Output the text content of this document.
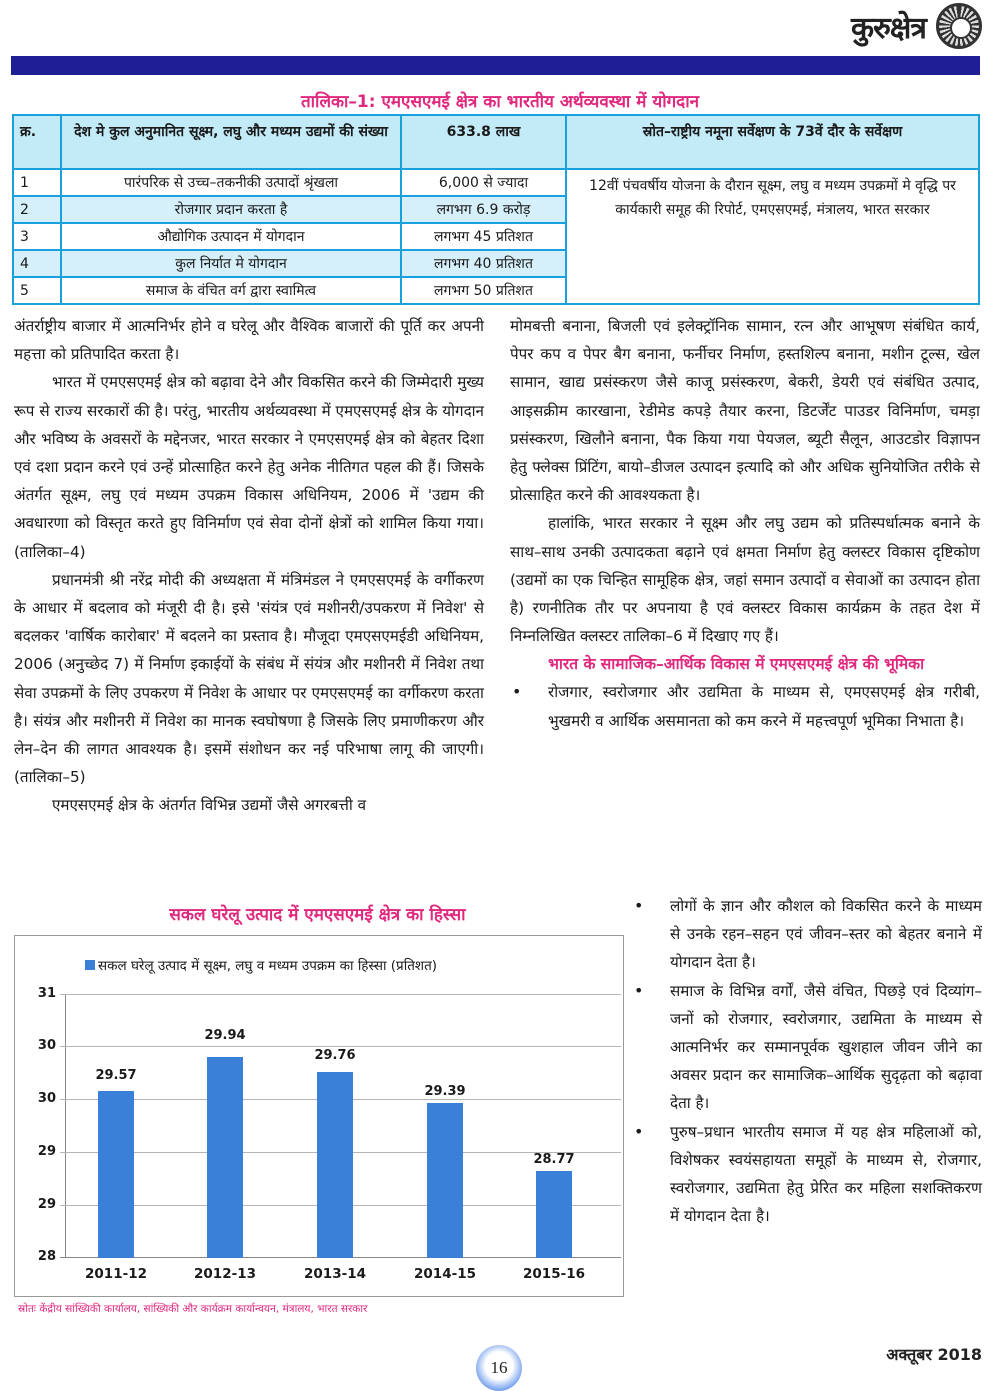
कुरुक्षेत्र
तालिका–1: एमएसएमई क्षेत्र का भारतीय अर्थव्यवस्था में योगदान
क्र.	देश मे कुल अनुमानित सूक्ष्म, लघु और मध्यम उद्यमों की संख्या	633.8 लाख	स्रोत–राष्ट्रीय नमूना सर्वेक्षण के 73वें दौर के सर्वेक्षण
1	पारंपरिक से उच्च–तकनीकी उत्पादों श्रृंखला	6,000 से ज्यादा	12वीं पंचवर्षीय योजना के दौरान सूक्ष्म, लघु व मध्यम उपक्रमों मे वृद्धि पर कार्यकारी समूह की रिपोर्ट, एमएसएमई, मंत्रालय, भारत सरकार
2	रोजगार प्रदान करता है	लगभग 6.9 करोड़	
3	औद्योगिक उत्पादन में योगदान	लगभग 45 प्रतिशत	
4	कुल निर्यात मे योगदान	लगभग 40 प्रतिशत	
5	समाज के वंचित वर्ग द्वारा स्वामित्व	लगभग 50 प्रतिशत	

अंतर्राष्ट्रीय बाजार में आत्मनिर्भर होने व घरेलू और वैश्विक बाजारों की पूर्ति कर अपनी महत्ता को प्रतिपादित करता है।

भारत में एमएसएमई क्षेत्र को बढ़ावा देने और विकसित करने की जिम्मेदारी मुख्य रूप से राज्य सरकारों की है। परंतु, भारतीय अर्थव्यवस्था में एमएसएमई क्षेत्र के योगदान और भविष्य के अवसरों के मद्देनजर, भारत सरकार ने एमएसएमई क्षेत्र को बेहतर दिशा एवं दशा प्रदान करने एवं उन्हें प्रोत्साहित करने हेतु अनेक नीतिगत पहल की हैं। जिसके अंतर्गत सूक्ष्म, लघु एवं मध्यम उपक्रम विकास अधिनियम, 2006 में 'उद्यम की अवधारणा को विस्तृत करते हुए विनिर्माण एवं सेवा दोनों क्षेत्रों को शामिल किया गया। (तालिका–4)

प्रधानमंत्री श्री नरेंद्र मोदी की अध्यक्षता में मंत्रिमंडल ने एमएसएमई के वर्गीकरण के आधार में बदलाव को मंजूरी दी है। इसे 'संयंत्र एवं मशीनरी/उपकरण में निवेश' से बदलकर 'वार्षिक कारोबार' में बदलने का प्रस्ताव है। मौजूदा एमएसएमईडी अधिनियम, 2006 (अनुच्छेद 7) में निर्माण इकाईयों के संबंध में संयंत्र और मशीनरी में निवेश तथा सेवा उपक्रमों के लिए उपकरण में निवेश के आधार पर एमएसएमई का वर्गीकरण करता है। संयंत्र और मशीनरी में निवेश का मानक स्वघोषणा है जिसके लिए प्रमाणीकरण और लेन–देन की लागत आवश्यक है। इसमें संशोधन कर नई परिभाषा लागू की जाएगी। (तालिका–5)

एमएसएमई क्षेत्र के अंतर्गत विभिन्न उद्यमों जैसे अगरबत्ती व

मोमबत्ती बनाना, बिजली एवं इलेक्ट्रॉनिक सामान, रत्न और आभूषण संबंधित कार्य, पेपर कप व पेपर बैग बनाना, फर्नीचर निर्माण, हस्तशिल्प बनाना, मशीन टूल्स, खेल सामान, खाद्य प्रसंस्करण जैसे काजू प्रसंस्करण, बेकरी, डेयरी एवं संबंधित उत्पाद, आइसक्रीम कारखाना, रेडीमेड कपड़े तैयार करना, डिटर्जेंट पाउडर विनिर्माण, चमड़ा प्रसंस्करण, खिलौने बनाना, पैक किया गया पेयजल, ब्यूटी सैलून, आउटडोर विज्ञापन हेतु फ्लेक्स प्रिंटिंग, बायो–डीजल उत्पादन इत्यादि को और अधिक सुनियोजित तरीके से प्रोत्साहित करने की आवश्यकता है।

हालांकि, भारत सरकार ने सूक्ष्म और लघु उद्यम को प्रतिस्पर्धात्मक बनाने के साथ–साथ उनकी उत्पादकता बढ़ाने एवं क्षमता निर्माण हेतु क्लस्टर विकास दृष्टिकोण (उद्यमों का एक चिन्हित सामूहिक क्षेत्र, जहां समान उत्पादों व सेवाओं का उत्पादन होता है) रणनीतिक तौर पर अपनाया है एवं क्लस्टर विकास कार्यक्रम के तहत देश में निम्नलिखित क्लस्टर तालिका–6 में दिखाए गए हैं।

भारत के सामाजिक–आर्थिक विकास में एमएसएमई क्षेत्र की भूमिका

• रोजगार, स्वरोजगार और उद्यमिता के माध्यम से, एमएसएमई क्षेत्र गरीबी, भुखमरी व आर्थिक असमानता को कम करने में महत्त्वपूर्ण भूमिका निभाता है।

• लोगों के ज्ञान और कौशल को विकसित करने के माध्यम से उनके रहन–सहन एवं जीवन–स्तर को बेहतर बनाने में योगदान देता है।

• समाज के विभिन्न वर्गों, जैसे वंचित, पिछड़े एवं दिव्यांग–जनों को रोजगार, स्वरोजगार, उद्यमिता के माध्यम से आत्मनिर्भर कर सम्मानपूर्वक खुशहाल जीवन जीने का अवसर प्रदान कर सामाजिक–आर्थिक सुदृढ़ता को बढ़ावा देता है।

• पुरुष–प्रधान भारतीय समाज में यह क्षेत्र महिलाओं को, विशेषकर स्वयंसहायता समूहों के माध्यम से, रोजगार, स्वरोजगार, उद्यमिता हेतु प्रेरित कर महिला सशक्तिकरण में योगदान देता है।

सकल घरेलू उत्पाद में एमएसएमई क्षेत्र का हिस्सा
सकल घरेलू उत्पाद में सूक्ष्म, लघु व मध्यम उपक्रम का हिस्सा (प्रतिशत)
31
30
30
29
29
28
29.57
29.94
29.76
29.39
28.77
2011-12	2012-13	2013-14	2014-15	2015-16
स्रोतः केंद्रीय सांख्यिकी कार्यालय, सांख्यिकी और कार्यक्रम कार्यान्वयन, मंत्रालय, भारत सरकार
16
अक्तूबर 2018
